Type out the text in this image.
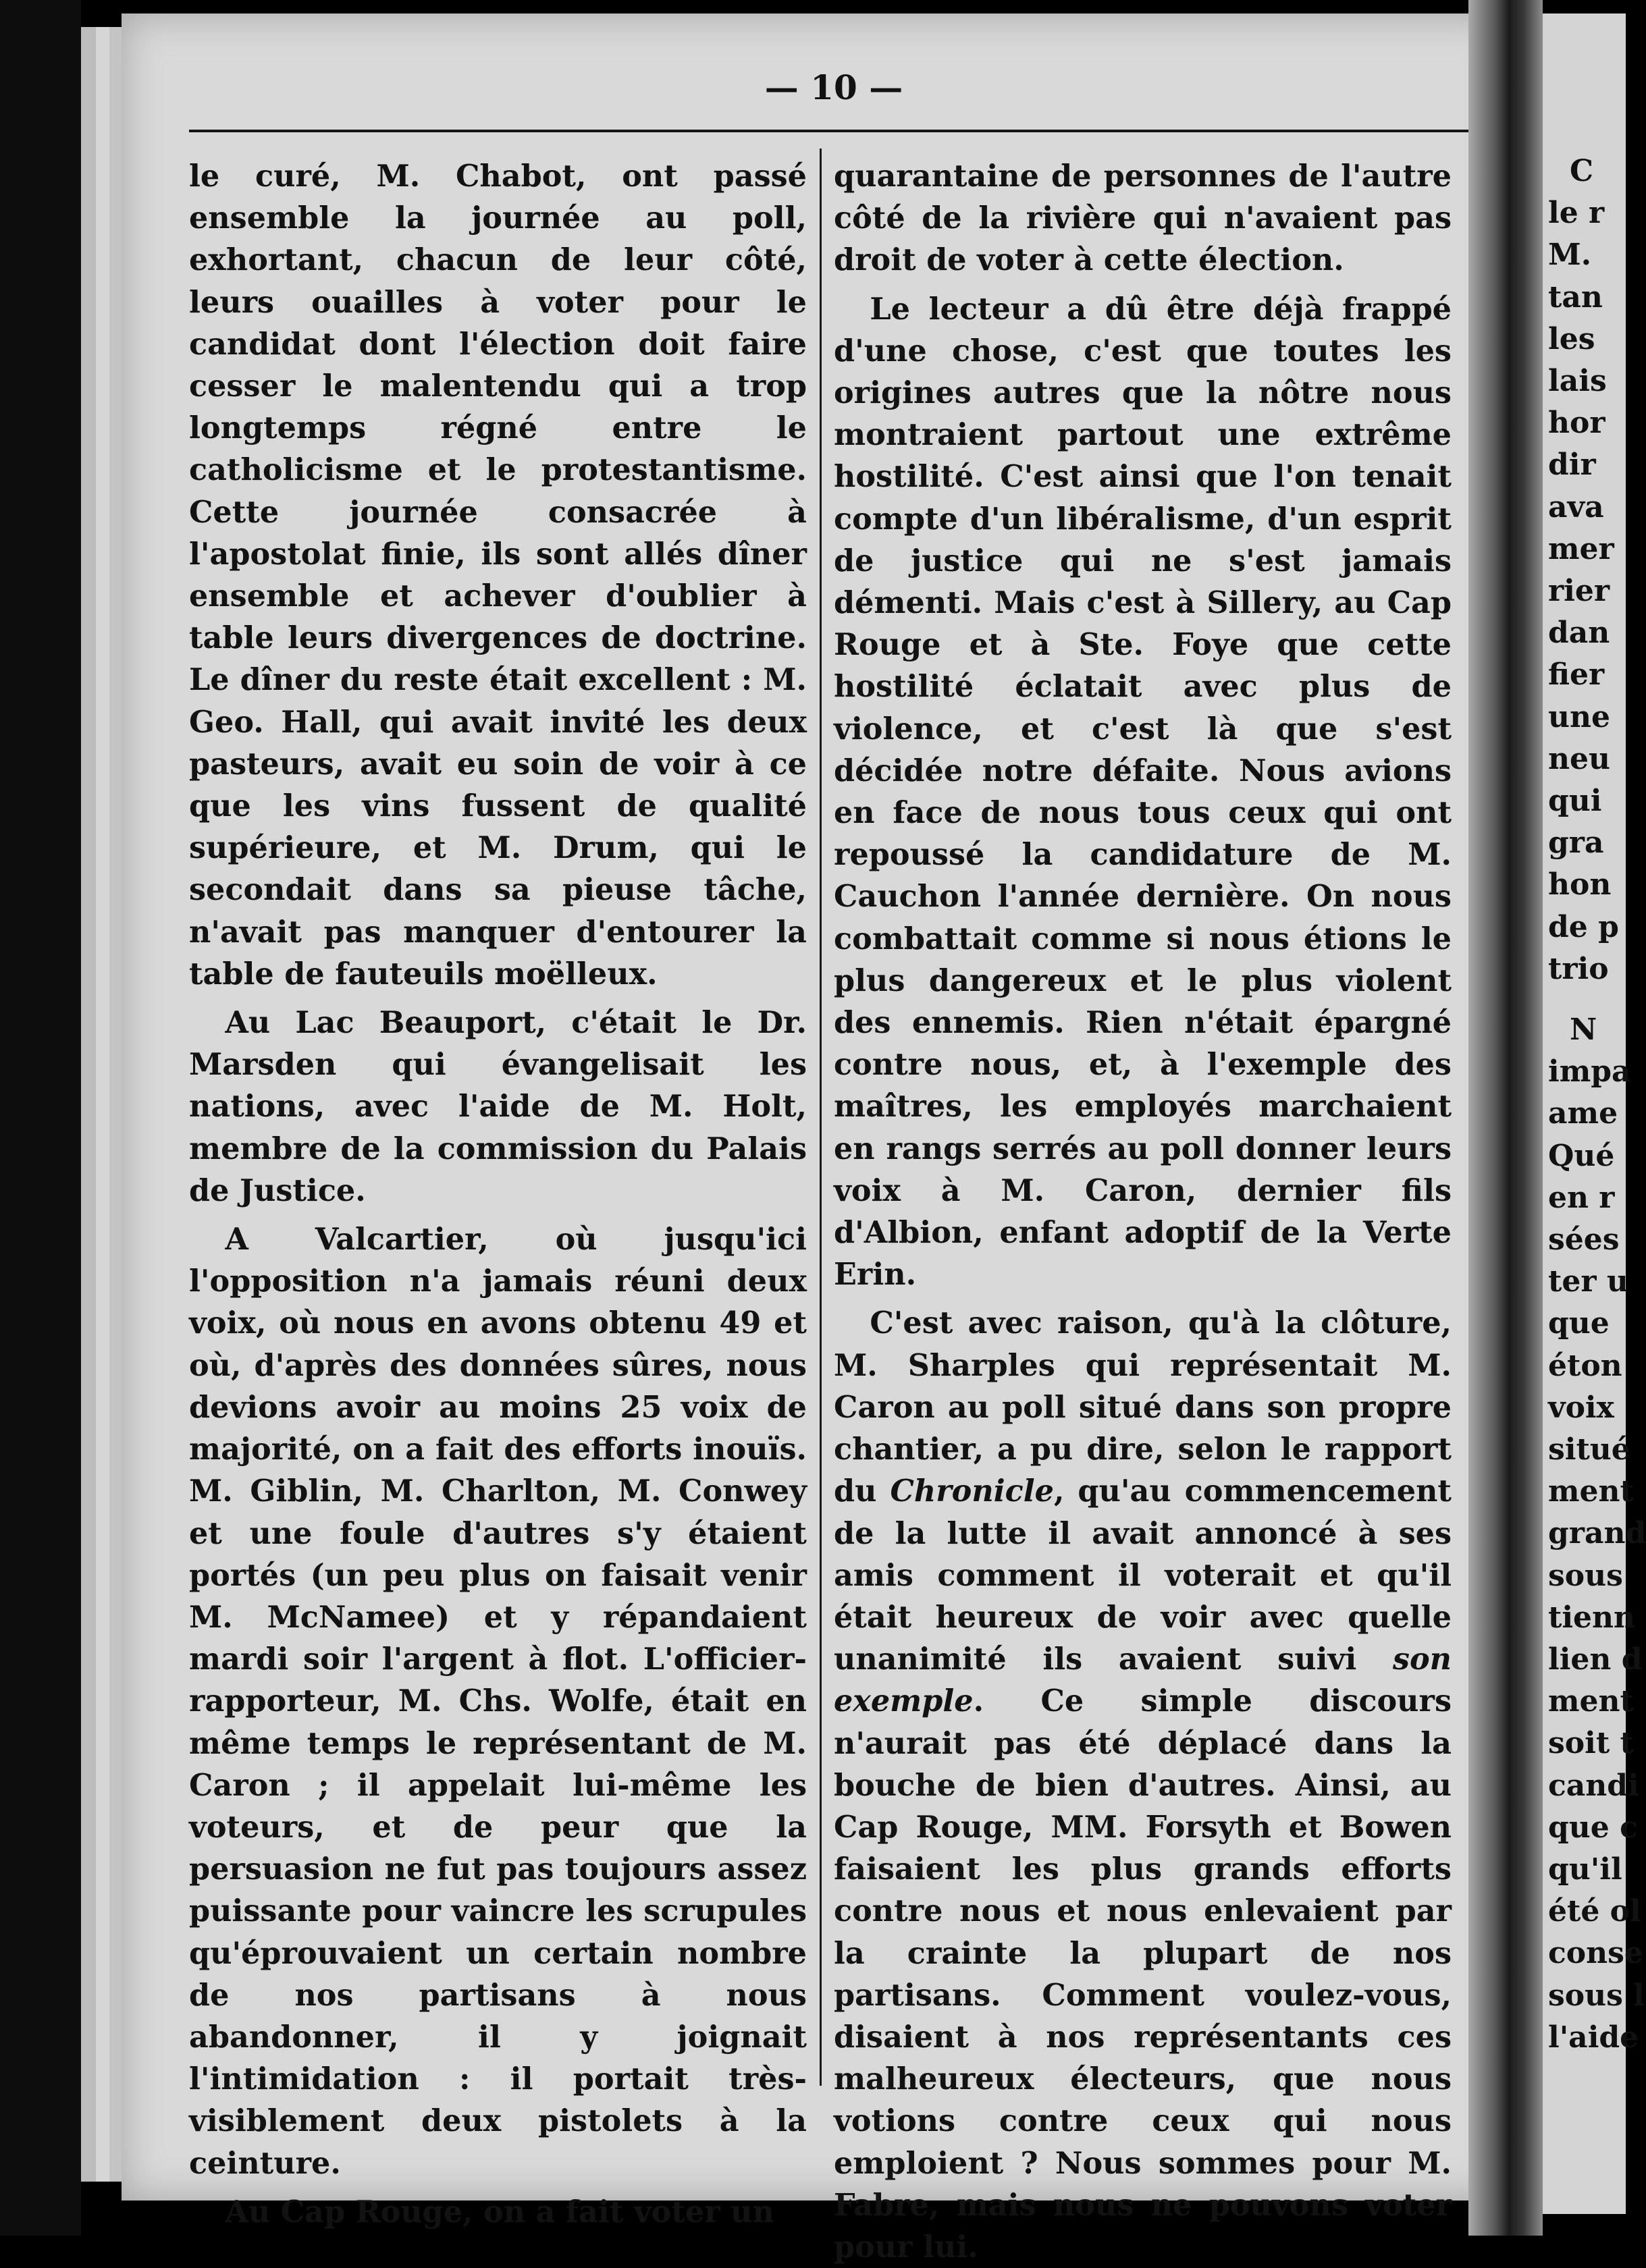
— 10 —

le curé, M. Chabot, ont passé ensemble la journée au poll, exhortant, chacun de leur côté, leurs ouailles à voter pour le candidat dont l'élection doit faire cesser le malentendu qui a trop longtemps régné entre le catholicisme et le protestantisme. Cette journée consacrée à l'apostolat finie, ils sont allés dîner ensemble et achever d'oublier à table leurs divergences de doctrine. Le dîner du reste était excellent : M. Geo. Hall, qui avait invité les deux pasteurs, avait eu soin de voir à ce que les vins fussent de qualité supérieure, et M. Drum, qui le secondait dans sa pieuse tâche, n'avait pas manquer d'entourer la table de fauteuils moëlleux.

Au Lac Beauport, c'était le Dr. Marsden qui évangelisait les nations, avec l'aide de M. Holt, membre de la commission du Palais de Justice.

A Valcartier, où jusqu'ici l'opposition n'a jamais réuni deux voix, où nous en avons obtenu 49 et où, d'après des données sûres, nous devions avoir au moins 25 voix de majorité, on a fait des efforts inouïs. M. Giblin, M. Charlton, M. Conwey et une foule d'autres s'y étaient portés (un peu plus on faisait venir M. McNamee) et y répandaient mardi soir l'argent à flot. L'officier-rapporteur, M. Chs. Wolfe, était en même temps le représentant de M. Caron ; il appelait lui-même les voteurs, et de peur que la persuasion ne fut pas toujours assez puissante pour vaincre les scrupules qu'éprouvaient un certain nombre de nos partisans à nous abandonner, il y joignait l'intimidation : il portait très-visiblement deux pistolets à la ceinture.

Au Cap Rouge, on a fait voter un

quarantaine de personnes de l'autre côté de la rivière qui n'avaient pas droit de voter à cette élection.

Le lecteur a dû être déjà frappé d'une chose, c'est que toutes les origines autres que la nôtre nous montraient partout une extrême hostilité. C'est ainsi que l'on tenait compte d'un libéralisme, d'un esprit de justice qui ne s'est jamais démenti. Mais c'est à Sillery, au Cap Rouge et à Ste. Foye que cette hostilité éclatait avec plus de violence, et c'est là que s'est décidée notre défaite. Nous avions en face de nous tous ceux qui ont repoussé la candidature de M. Cauchon l'année dernière. On nous combattait comme si nous étions le plus dangereux et le plus violent des ennemis. Rien n'était épargné contre nous, et, à l'exemple des maîtres, les employés marchaient en rangs serrés au poll donner leurs voix à M. Caron, dernier fils d'Albion, enfant adoptif de la Verte Erin.

C'est avec raison, qu'à la clôture, M. Sharples qui représentait M. Caron au poll situé dans son propre chantier, a pu dire, selon le rapport du Chronicle, qu'au commencement de la lutte il avait annoncé à ses amis comment il voterait et qu'il était heureux de voir avec quelle unanimité ils avaient suivi son exemple. Ce simple discours n'aurait pas été déplacé dans la bouche de bien d'autres. Ainsi, au Cap Rouge, MM. Forsyth et Bowen faisaient les plus grands efforts contre nous et nous enlevaient par la crainte la plupart de nos partisans. Comment voulez-vous, disaient à nos représentants ces malheureux électeurs, que nous votions contre ceux qui nous emploient ? Nous sommes pour M. Fabre, mais nous ne pouvons voter pour lui.

C
le r
M.
tan
les
lais
hor
dir
ava
mer
rier
dan
fier
une
neu
qui
gra
hon
de p
trio
N
impa
ame
Qué
en r
sées
ter u
que
éton
voix
situé
ment
grand
sous
tienn
lien d
ment
soit t
candi
que c
qu'il
été ol
conse
sous l
l'aide
